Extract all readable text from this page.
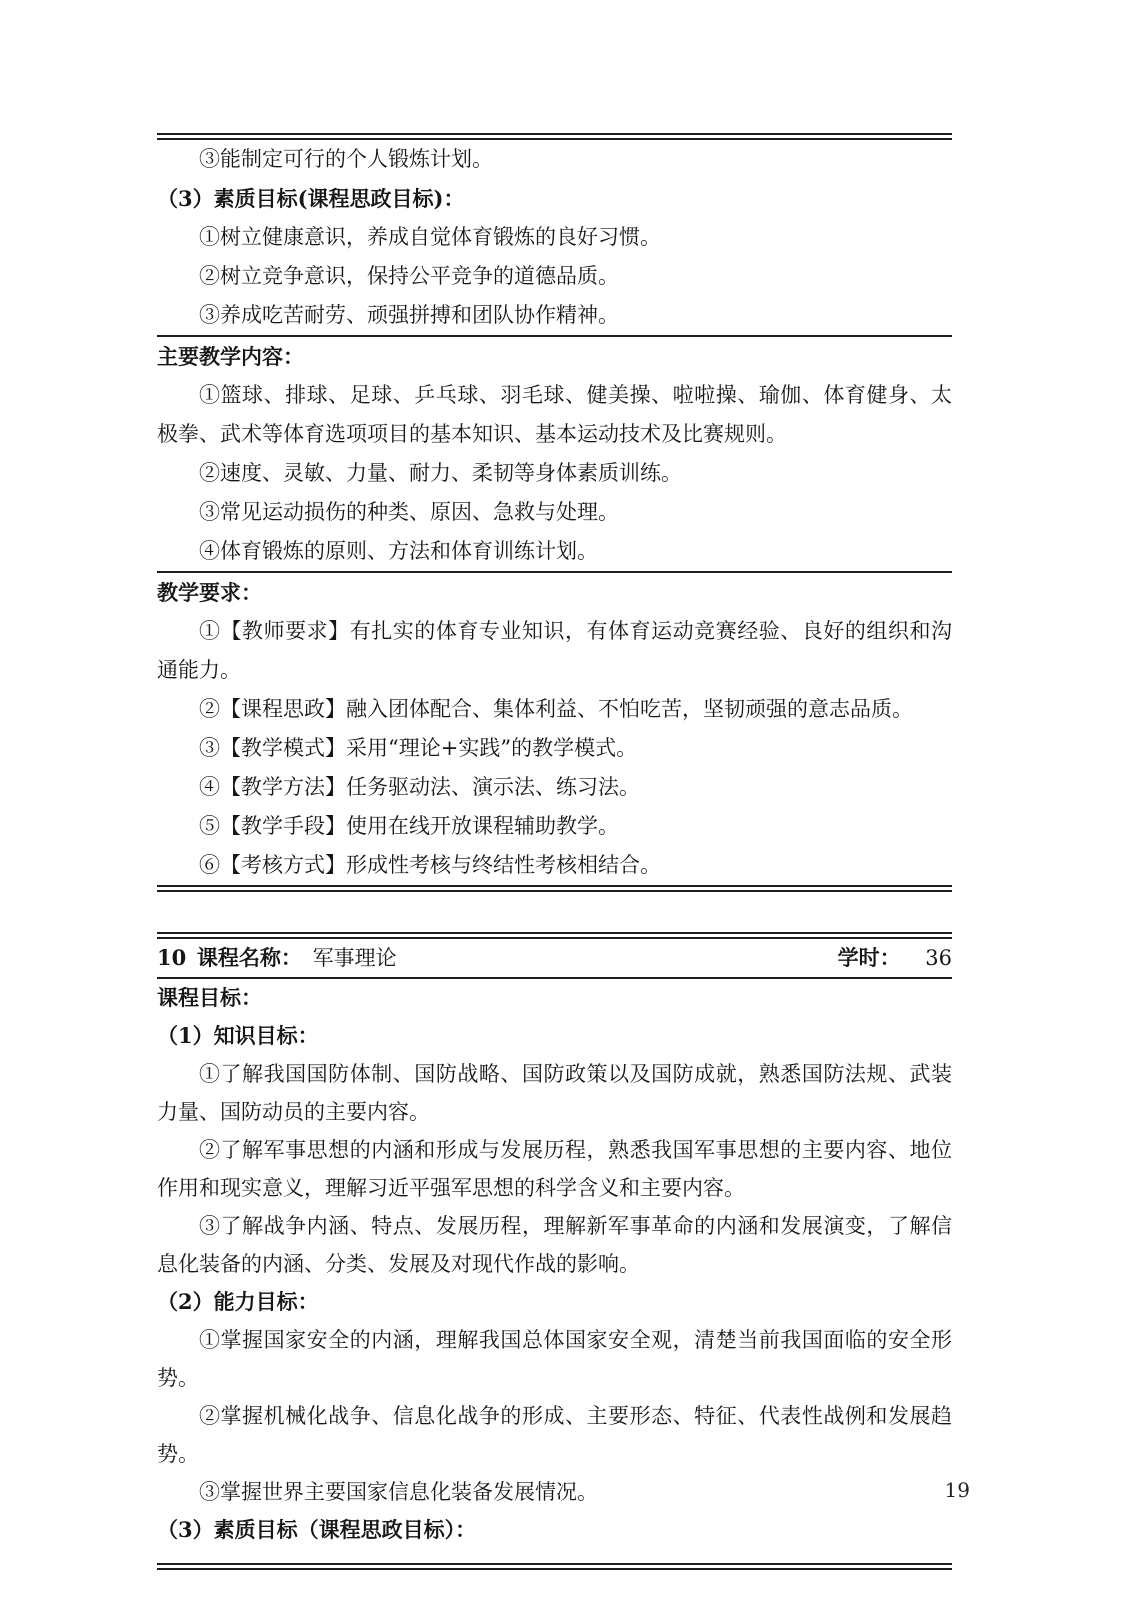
③能制定可行的个人锻炼计划。

（3）素质目标(课程思政目标)：

①树立健康意识，养成自觉体育锻炼的良好习惯。

②树立竞争意识，保持公平竞争的道德品质。

③养成吃苦耐劳、顽强拼搏和团队协作精神。

主要教学内容：

①篮球、排球、足球、乒乓球、羽毛球、健美操、啦啦操、瑜伽、体育健身、太极拳、武术等体育选项项目的基本知识、基本运动技术及比赛规则。

②速度、灵敏、力量、耐力、柔韧等身体素质训练。

③常见运动损伤的种类、原因、急救与处理。

④体育锻炼的原则、方法和体育训练计划。

教学要求：

①【教师要求】有扎实的体育专业知识，有体育运动竞赛经验、良好的组织和沟通能力。

②【课程思政】融入团体配合、集体利益、不怕吃苦，坚韧顽强的意志品质。

③【教学模式】采用“理论+实践”的教学模式。

④【教学方法】任务驱动法、演示法、练习法。

⑤【教学手段】使用在线开放课程辅助教学。

⑥【考核方式】形成性考核与终结性考核相结合。

10 课程名称： 军事理论	学时： 36
课程目标：
（1）知识目标：

①了解我国国防体制、国防战略、国防政策以及国防成就，熟悉国防法规、武装力量、国防动员的主要内容。

②了解军事思想的内涵和形成与发展历程，熟悉我国军事思想的主要内容、地位作用和现实意义，理解习近平强军思想的科学含义和主要内容。

③了解战争内涵、特点、发展历程，理解新军事革命的内涵和发展演变，了解信息化装备的内涵、分类、发展及对现代作战的影响。

（2）能力目标：

①掌握国家安全的内涵，理解我国总体国家安全观，清楚当前我国面临的安全形势。

②掌握机械化战争、信息化战争的形成、主要形态、特征、代表性战例和发展趋势。

③掌握世界主要国家信息化装备发展情况。

（3）素质目标（课程思政目标）：
19
